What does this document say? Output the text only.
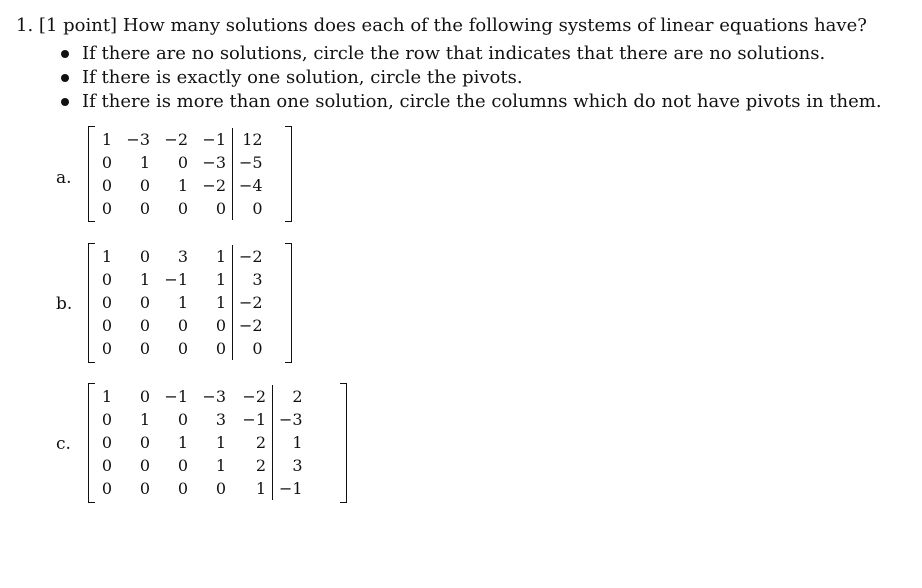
1. [1 point] How many solutions does each of the following systems of linear equations have?
If there are no solutions, circle the row that indicates that there are no solutions.
If there is exactly one solution, circle the pivots.
If there is more than one solution, circle the columns which do not have pivots in them.
a.
1	−3	−2	−1	12
0	1	0	−3	−5
0	0	1	−2	−4
0	0	0	0	0
b.
1	0	3	1	−2
0	1	−1	1	3
0	0	1	1	−2
0	0	0	0	−2
0	0	0	0	0
c.
1	0	−1	−3	−2	2
0	1	0	3	−1	−3
0	0	1	1	2	1
0	0	0	1	2	3
0	0	0	0	1	−1
